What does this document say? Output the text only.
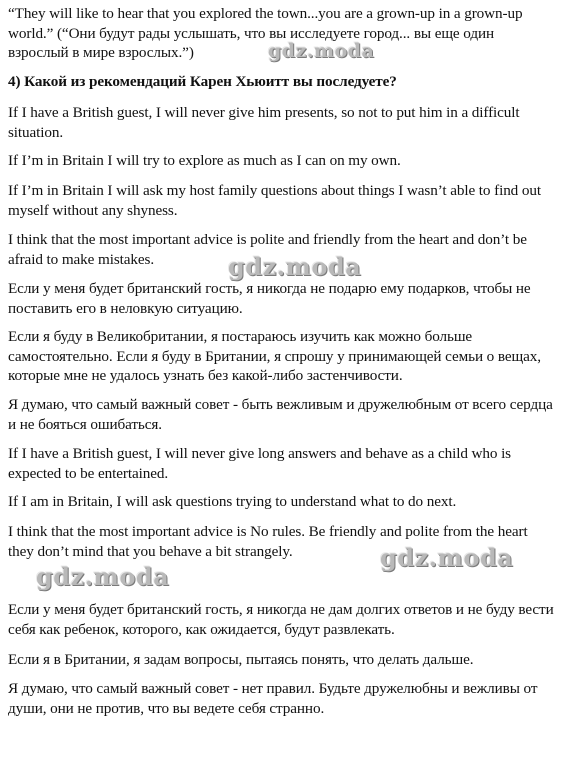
“They will like to hear that you explored the town...you are a grown-up in a grown-up world.” (“Они будут рады услышать, что вы исследуете город... вы еще один взрослый в мире взрослых.”)

4) Какой из рекомендаций Карен Хьюитт вы последуете?

If I have a British guest, I will never give him presents, so not to put him in a difficult situation.

If I’m in Britain I will try to explore as much as I can on my own.

If I’m in Britain I will ask my host family questions about things I wasn’t able to find out myself without any shyness.

I think that the most important advice is polite and friendly from the heart and don’t be afraid to make mistakes.

Если у меня будет британский гость, я никогда не подарю ему подарков, чтобы не поставить его в неловкую ситуацию.

Если я буду в Великобритании, я постараюсь изучить как можно больше самостоятельно. Если я буду в Британии, я спрошу у принимающей семьи о вещах, которые мне не удалось узнать без какой-либо застенчивости.

Я думаю, что самый важный совет - быть вежливым и дружелюбным от всего сердца и не бояться ошибаться.

If I have a British guest, I will never give long answers and behave as a child who is expected to be entertained.

If I am in Britain, I will ask questions trying to understand what to do next.

I think that the most important advice is No rules. Be friendly and polite from the heart they don’t mind that you behave a bit strangely.

Если у меня будет британский гость, я никогда не дам долгих ответов и не буду вести себя как ребенок, которого, как ожидается, будут развлекать.

Если я в Британии, я задам вопросы, пытаясь понять, что делать дальше.

Я думаю, что самый важный совет - нет правил. Будьте дружелюбны и вежливы от души, они не против, что вы ведете себя странно.

gdz.moda
gdz.moda
gdz.moda
gdz.moda
